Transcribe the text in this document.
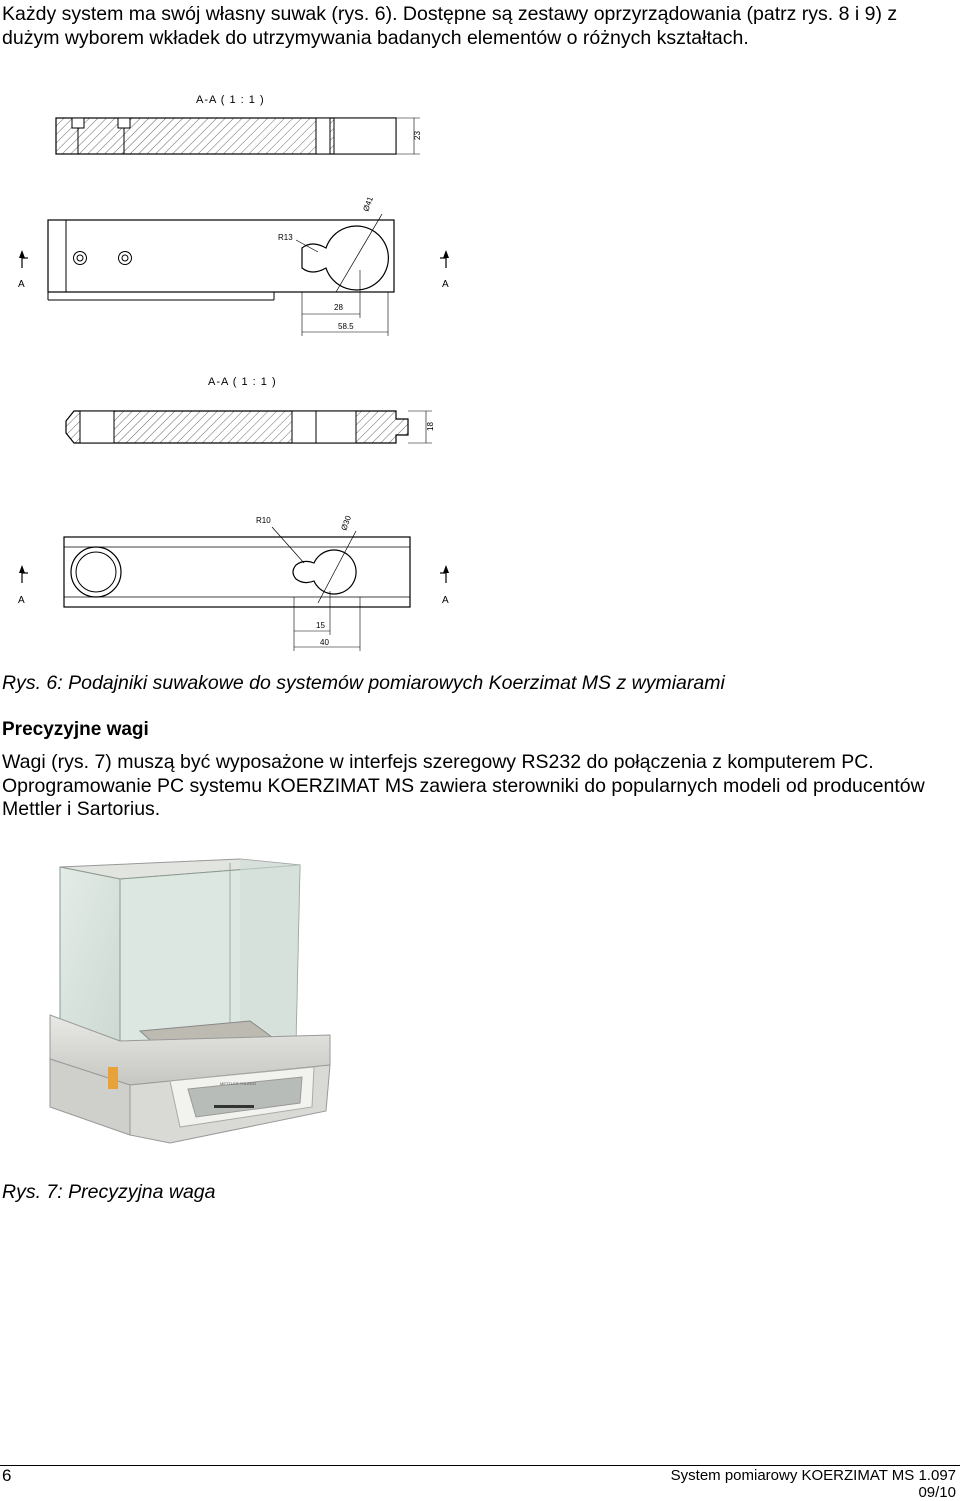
Każdy system ma swój własny suwak (rys. 6). Dostępne są zestawy oprzyrządowania (patrz rys. 8 i 9) z dużym wyborem wkładek do utrzymywania badanych elementów o różnych kształtach.

A-A ( 1 : 1 )
23
Ø41
R13
A	A
28
58.5
A-A ( 1 : 1 )
18
Ø30
R10
A	A
15
40

Rys. 6: Podajniki suwakowe do systemów pomiarowych Koerzimat MS z wymiarami

Precyzyjne wagi

Wagi (rys. 7) muszą być wyposażone w interfejs szeregowy RS232 do połączenia z komputerem PC. Oprogramowanie PC systemu KOERZIMAT MS zawiera sterowniki do popularnych modeli od producentów Mettler i Sartorius.

METTLER TOLEDO

Rys. 7: Precyzyjna waga

6	System pomiarowy KOERZIMAT MS 1.097

09/10
